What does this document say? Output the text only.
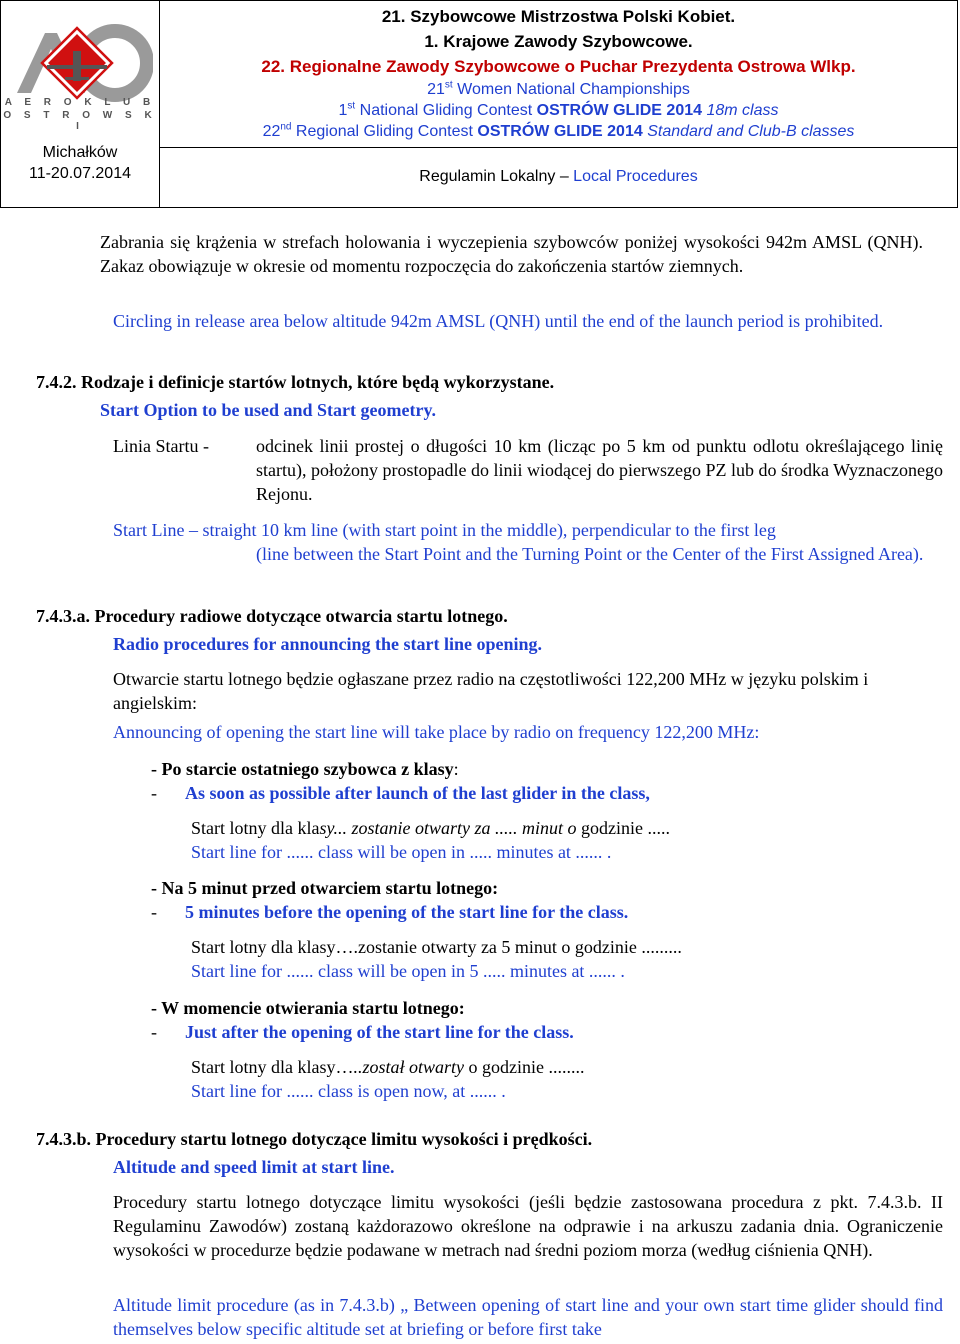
A E R O K L U B
O S T R O W S K I
Michałków
11-20.07.2014
21. Szybowcowe Mistrzostwa Polski Kobiet.
1. Krajowe Zawody Szybowcowe.
22. Regionalne Zawody Szybowcowe o Puchar Prezydenta Ostrowa Wlkp.
21st Women National Championships
1st National Gliding Contest OSTRÓW GLIDE 2014 18m class
22nd Regional Gliding Contest OSTRÓW GLIDE 2014 Standard and Club-B classes
Regulamin Lokalny – Local Procedures
Zabrania się krążenia w strefach holowania i wyczepienia szybowców poniżej wysokości 942m AMSL (QNH). Zakaz obowiązuje w okresie od momentu rozpoczęcia do zakończenia startów ziemnych.
Circling in release area below altitude 942m AMSL (QNH) until the end of the launch period is prohibited.
7.4.2. Rodzaje i definicje startów lotnych, które będą wykorzystane.
Start Option to be used and Start geometry.
Linia Startu -	odcinek linii prostej o długości 10 km (licząc po 5 km od punktu odlotu określającego linię startu), położony prostopadle do linii wiodącej do pierwszego PZ lub do środka Wyznaczonego Rejonu.
Start Line – straight 10 km line (with start point in the middle), perpendicular to the first leg
(line between the Start Point and the Turning Point or the Center of the First Assigned Area).
7.4.3.a. Procedury radiowe dotyczące otwarcia startu lotnego.
Radio procedures for announcing the start line opening.
Otwarcie startu lotnego będzie ogłaszane przez radio na częstotliwości 122,200 MHz w języku polskim i angielskim:
Announcing of opening the start line will take place by radio on frequency 122,200 MHz:
- Po starcie ostatniego szybowca z klasy:
-	As soon as possible after launch of the last glider in the class,
Start lotny dla klasy... zostanie otwarty za ..... minut o godzinie .....
Start line for ...... class will be open in ..... minutes at ...... .
- Na 5 minut przed otwarciem startu lotnego:
-	5 minutes before the opening of the start line for the class.
Start lotny dla klasy….zostanie otwarty za 5 minut o godzinie .........
Start line for ...... class will be open in 5 ..... minutes at ...... .
- W momencie otwierania startu lotnego:
-	Just after the opening of the start line for the class.
Start lotny dla klasy…..został otwarty o godzinie ........
Start line for ...... class is open now, at ...... .
7.4.3.b. Procedury startu lotnego dotyczące limitu wysokości i prędkości.
Altitude and speed limit at start line.
Procedury startu lotnego dotyczące limitu wysokości (jeśli będzie zastosowana procedura z pkt. 7.4.3.b. II Regulaminu Zawodów) zostaną każdorazowo określone na odprawie i na arkuszu zadania dnia. Ograniczenie wysokości w procedurze będzie podawane w metrach nad średni poziom morza (według ciśnienia QNH).
Altitude limit procedure (as in 7.4.3.b) „ Between opening of start line and your own start time glider should find themselves below specific altitude set at briefing or before first take
